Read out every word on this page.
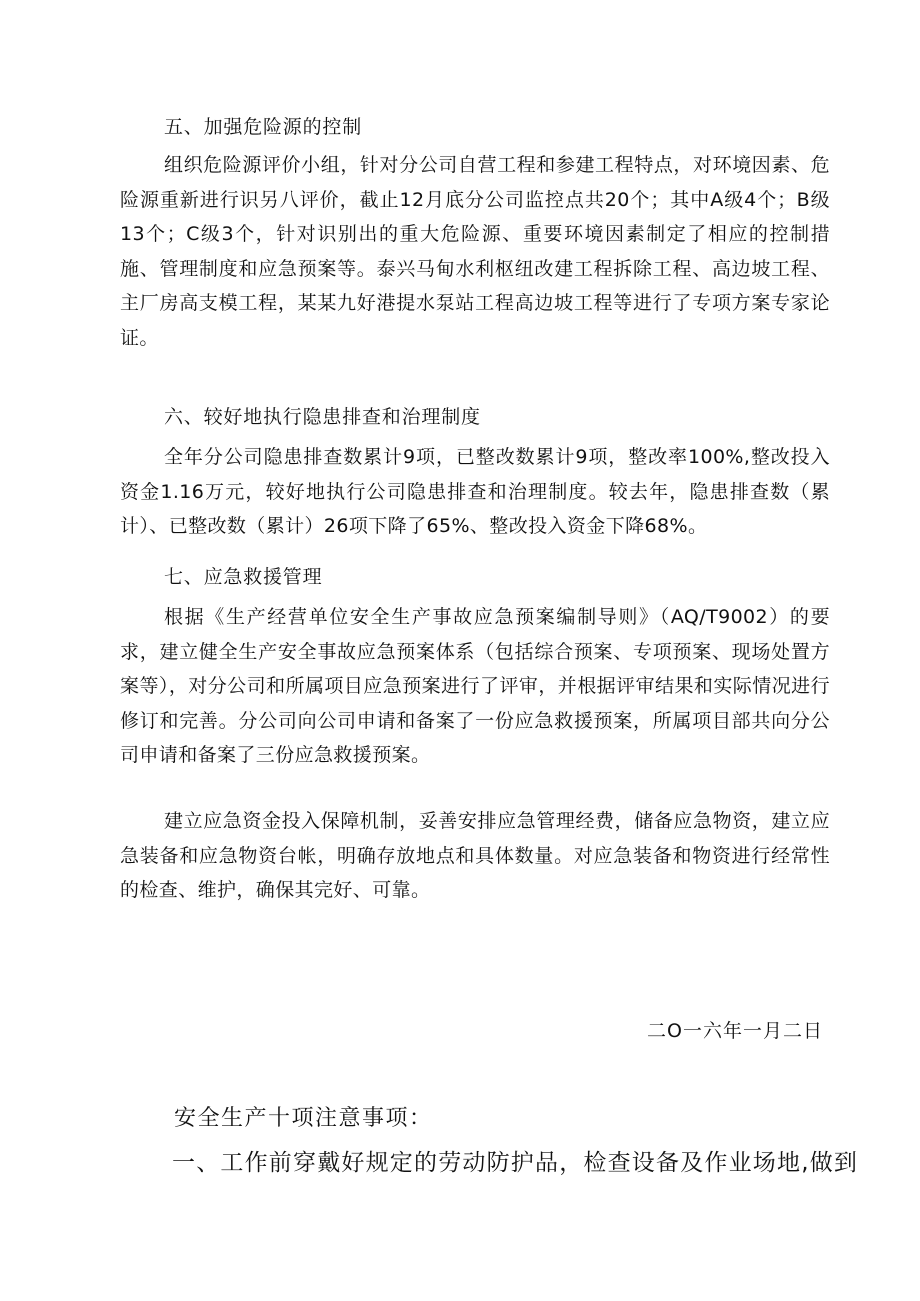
五、加强危险源的控制
组织危险源评价小组，针对分公司自营工程和参建工程特点，对环境因素、危险源重新进行识另八评价，截止12月底分公司监控点共20个；其中A级4个；B级13个；C级3个，针对识别出的重大危险源、重要环境因素制定了相应的控制措施、管理制度和应急预案等。泰兴马甸水利枢纽改建工程拆除工程、高边坡工程、主厂房高支模工程，某某九好港提水泵站工程高边坡工程等进行了专项方案专家论证。
六、较好地执行隐患排查和治理制度
全年分公司隐患排查数累计9项，已整改数累计9项，整改率100%,整改投入资金1.16万元，较好地执行公司隐患排查和治理制度。较去年，隐患排查数（累计）、已整改数（累计）26项下降了65%、整改投入资金下降68%。
七、应急救援管理
根据《生产经营单位安全生产事故应急预案编制导则》（AQ/T9002）的要求，建立健全生产安全事故应急预案体系（包括综合预案、专项预案、现场处置方案等），对分公司和所属项目应急预案进行了评审，并根据评审结果和实际情况进行修订和完善。分公司向公司申请和备案了一份应急救援预案，所属项目部共向分公司申请和备案了三份应急救援预案。
建立应急资金投入保障机制，妥善安排应急管理经费，储备应急物资，建立应急装备和应急物资台帐，明确存放地点和具体数量。对应急装备和物资进行经常性的检查、维护，确保其完好、可靠。
二O一六年一月二日
安全生产十项注意事项：
一、工作前穿戴好规定的劳动防护品，检查设备及作业场地,做到
